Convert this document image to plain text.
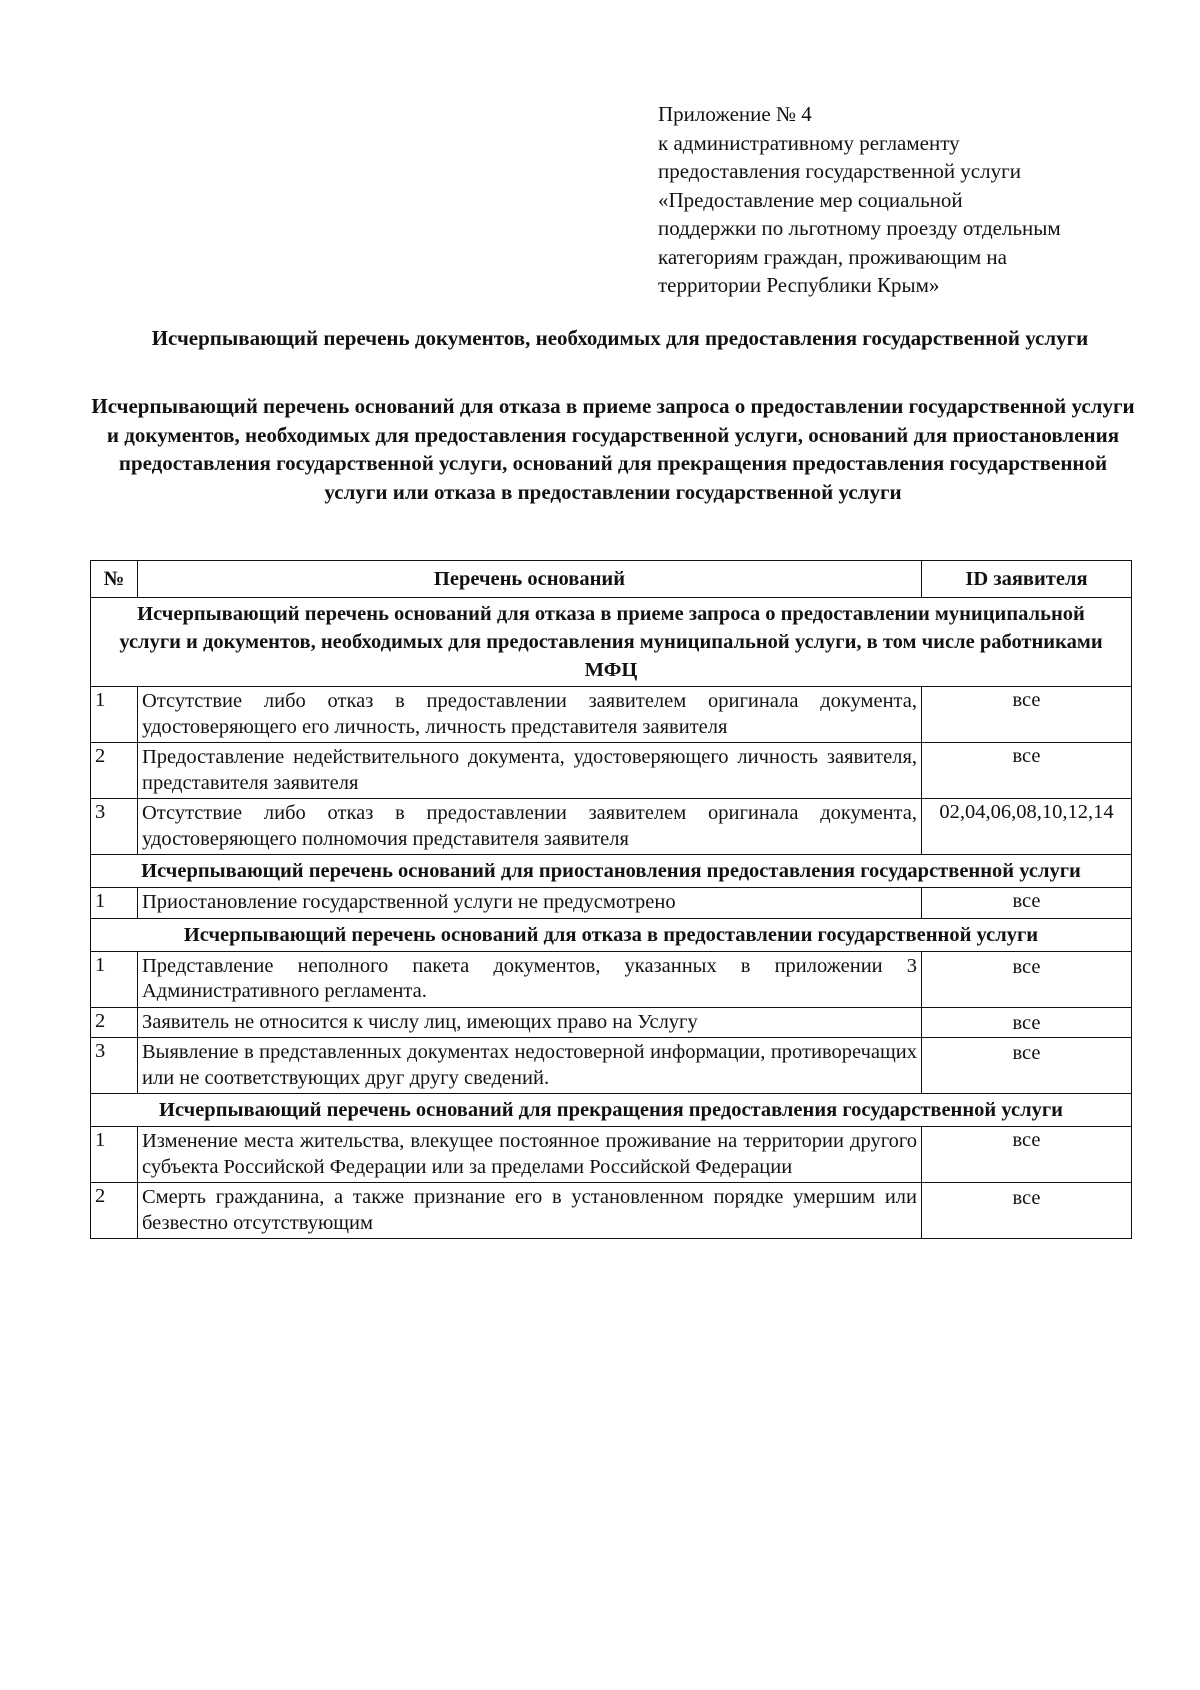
Приложение № 4
к административному регламенту
предоставления государственной услуги
«Предоставление мер социальной
поддержки по льготному проезду отдельным
категориям граждан, проживающим на
территории Республики Крым»
Исчерпывающий перечень документов, необходимых для предоставления государственной услуги
Исчерпывающий перечень оснований для отказа в приеме запроса о предоставлении государственной услуги и документов, необходимых для предоставления государственной услуги, оснований для приостановления предоставления государственной услуги, оснований для прекращения предоставления государственной услуги или отказа в предоставлении государственной услуги
№	Перечень оснований	ID заявителя
Исчерпывающий перечень оснований для отказа в приеме запроса о предоставлении муниципальной услуги и документов, необходимых для предоставления муниципальной услуги, в том числе работниками МФЦ		
1	Отсутствие либо отказ в предоставлении заявителем оригинала документа, удостоверяющего его личность, личность представителя заявителя	все
2	Предоставление недействительного документа, удостоверяющего личность заявителя, представителя заявителя	все
3	Отсутствие либо отказ в предоставлении заявителем оригинала документа, удостоверяющего полномочия представителя заявителя	02,04,06,08,10,12,14
Исчерпывающий перечень оснований для приостановления предоставления государственной услуги		
1	Приостановление государственной услуги не предусмотрено	все
Исчерпывающий перечень оснований для отказа в предоставлении государственной услуги		
1	Представление неполного пакета документов, указанных в приложении 3 Административного регламента.	все
2	Заявитель не относится к числу лиц, имеющих право на Услугу	все
3	Выявление в представленных документах недостоверной информации, противоречащих или не соответствующих друг другу сведений.	все
Исчерпывающий перечень оснований для прекращения предоставления государственной услуги		
1	Изменение места жительства, влекущее постоянное проживание на территории другого субъекта Российской Федерации или за пределами Российской Федерации	все
2	Смерть гражданина, а также признание его в установленном порядке умершим или безвестно отсутствующим	все
